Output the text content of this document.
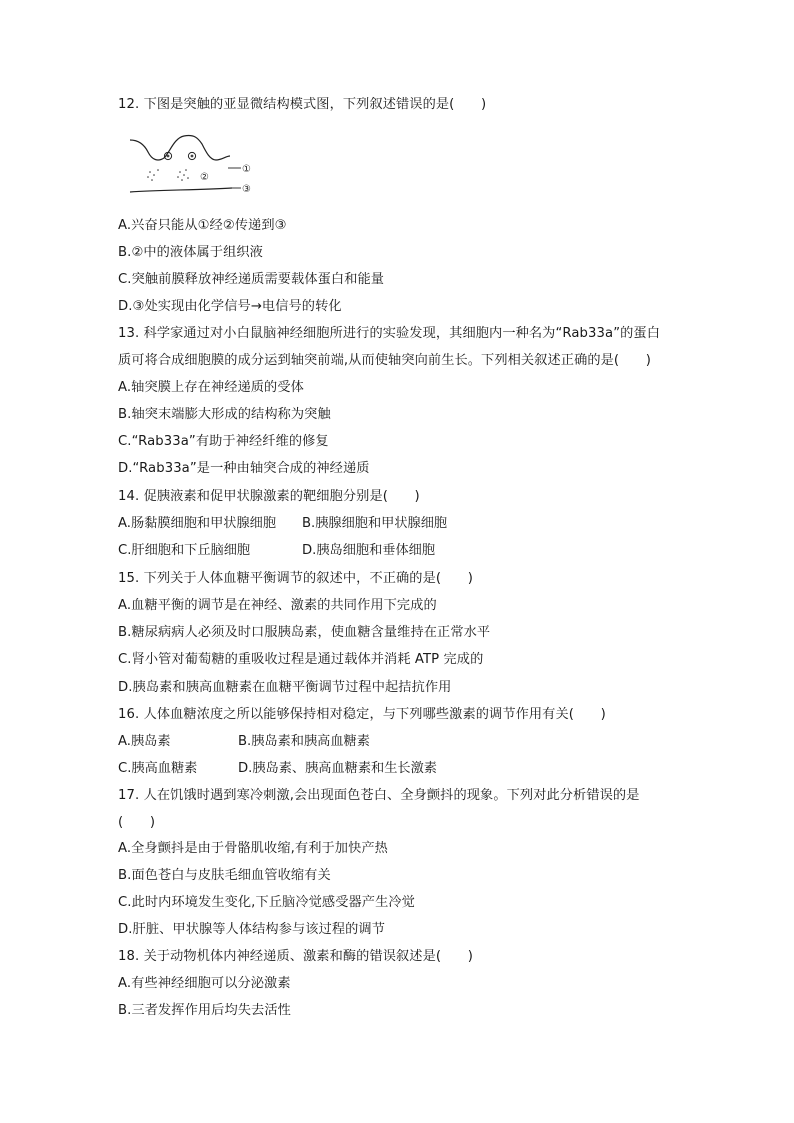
12. 下图是突触的亚显微结构模式图，下列叙述错误的是(　　)
①
②
③
A.兴奋只能从①经②传递到③
B.②中的液体属于组织液
C.突触前膜释放神经递质需要载体蛋白和能量
D.③处实现由化学信号→电信号的转化
13. 科学家通过对小白鼠脑神经细胞所进行的实验发现，其细胞内一种名为“Rab33a”的蛋白
质可将合成细胞膜的成分运到轴突前端,从而使轴突向前生长。下列相关叙述正确的是(　　)
A.轴突膜上存在神经递质的受体
B.轴突末端膨大形成的结构称为突触
C.“Rab33a”有助于神经纤维的修复
D.“Rab33a”是一种由轴突合成的神经递质
14. 促胰液素和促甲状腺激素的靶细胞分别是(　　)
A.肠黏膜细胞和甲状腺细胞 B.胰腺细胞和甲状腺细胞
C.肝细胞和下丘脑细胞	D.胰岛细胞和垂体细胞
15. 下列关于人体血糖平衡调节的叙述中，不正确的是(　　)
A.血糖平衡的调节是在神经、激素的共同作用下完成的
B.糖尿病病人必须及时口服胰岛素，使血糖含量维持在正常水平
C.肾小管对葡萄糖的重吸收过程是通过载体并消耗 ATP 完成的
D.胰岛素和胰高血糖素在血糖平衡调节过程中起拮抗作用
16. 人体血糖浓度之所以能够保持相对稳定，与下列哪些激素的调节作用有关(　　)
A.胰岛素	B.胰岛素和胰高血糖素
C.胰高血糖素	D.胰岛素、胰高血糖素和生长激素
17. 人在饥饿时遇到寒冷刺激,会出现面色苍白、全身颤抖的现象。下列对此分析错误的是
(　　)
A.全身颤抖是由于骨骼肌收缩,有利于加快产热
B.面色苍白与皮肤毛细血管收缩有关
C.此时内环境发生变化,下丘脑冷觉感受器产生冷觉
D.肝脏、甲状腺等人体结构参与该过程的调节
18. 关于动物机体内神经递质、激素和酶的错误叙述是(　　)
A.有些神经细胞可以分泌激素
B.三者发挥作用后均失去活性
